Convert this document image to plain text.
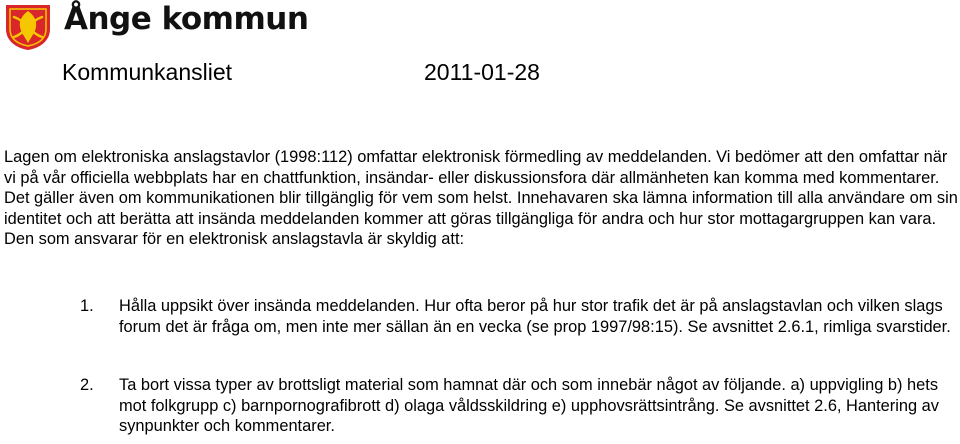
Ånge kommun
Kommunkansliet	2011-01-28

Lagen om elektroniska anslagstavlor (1998:112) omfattar elektronisk förmedling av meddelanden. Vi bedömer att den omfattar när vi på vår officiella webbplats har en chattfunktion, insändar- eller diskussionsfora där allmänheten kan komma med kommentarer. Det gäller även om kommunikationen blir tillgänglig för vem som helst. Innehavaren ska lämna information till alla användare om sin identitet och att berätta att insända meddelanden kommer att göras tillgängliga för andra och hur stor mottagargruppen kan vara. Den som ansvarar för en elektronisk anslagstavla är skyldig att:

1. Hålla uppsikt över insända meddelanden. Hur ofta beror på hur stor trafik det är på anslagstavlan och vilken slags forum det är fråga om, men inte mer sällan än en vecka (se prop 1997/98:15). Se avsnittet 2.6.1, rimliga svarstider.

2. Ta bort vissa typer av brottsligt material som hamnat där och som innebär något av följande. a) uppvigling b) hets mot folkgrupp c) barnpornografibrott d) olaga våldsskildring e) upphovsrättsintrång. Se avsnittet 2.6, Hantering av synpunkter och kommentarer.
